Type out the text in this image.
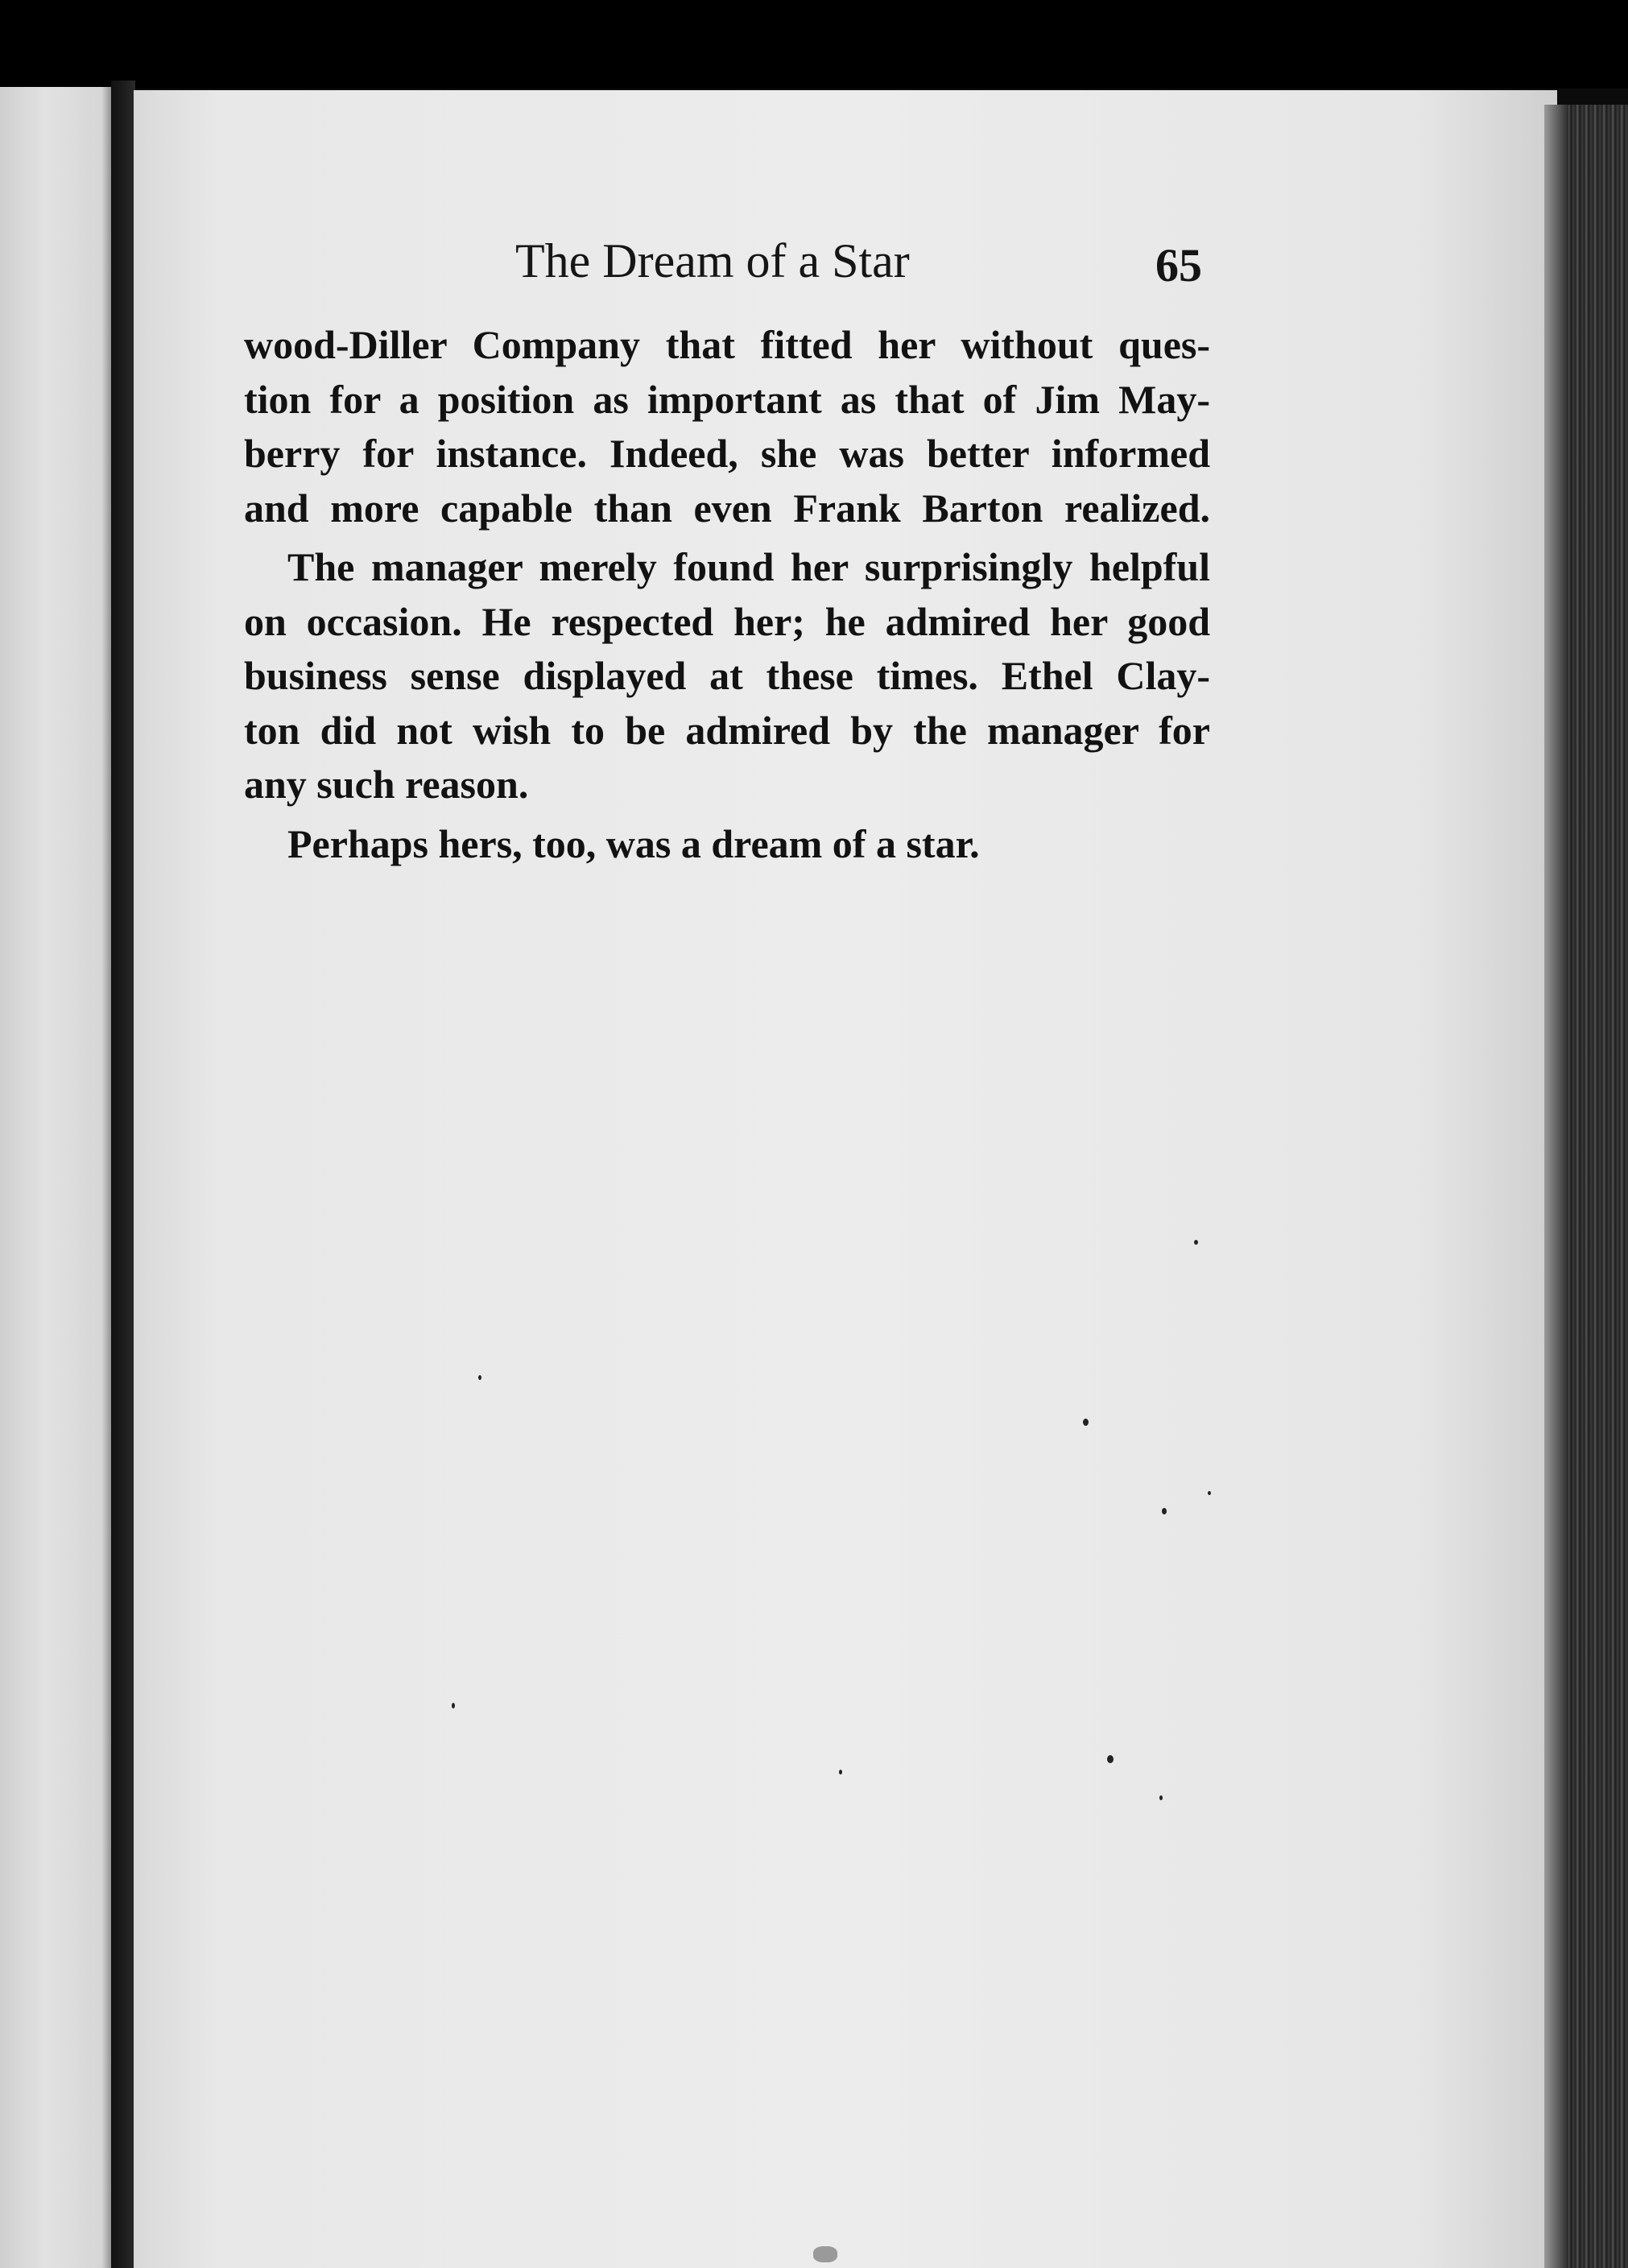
The Dream of a Star	65
wood-Diller Company that fitted her without ques-
tion for a position as important as that of Jim May-
berry for instance. Indeed, she was better informed
and more capable than even Frank Barton realized.
The manager merely found her surprisingly helpful
on occasion. He respected her; he admired her good
business sense displayed at these times. Ethel Clay-
ton did not wish to be admired by the manager for
any such reason.
Perhaps hers, too, was a dream of a star.
